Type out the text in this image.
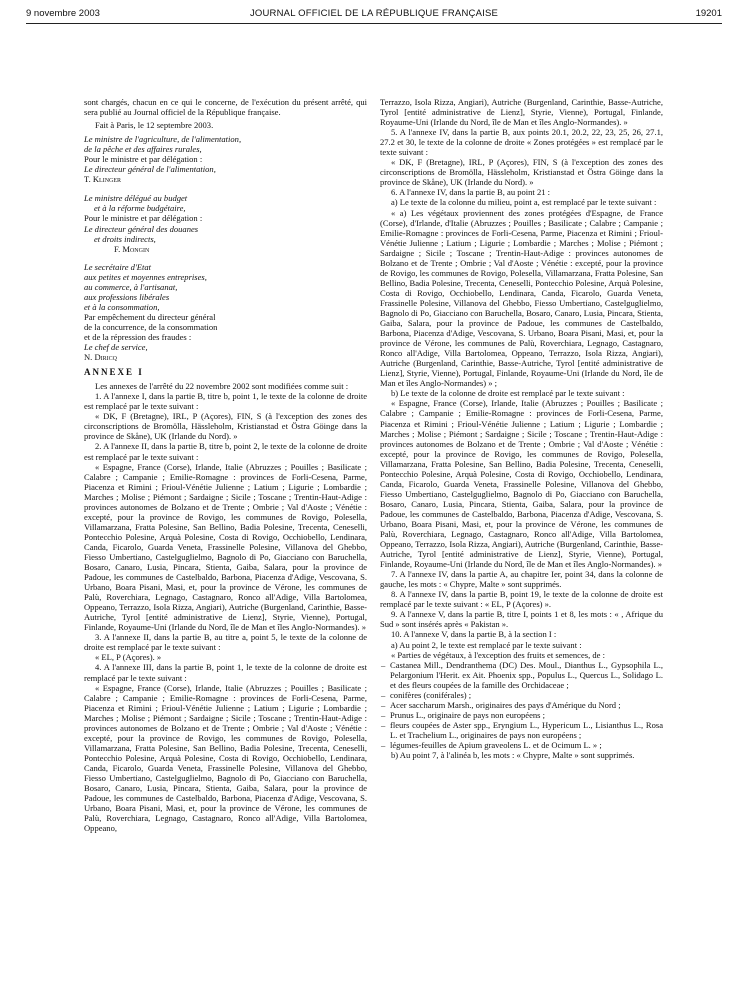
9 novembre 2003	JOURNAL OFFICIEL DE LA RÉPUBLIQUE FRANÇAISE	19201

sont chargés, chacun en ce qui le concerne, de l'exécution du présent arrêté, qui sera publié au Journal officiel de la République française.

Fait à Paris, le 12 septembre 2003.

Le ministre de l'agriculture, de l'alimentation,

de la pêche et des affaires rurales,

Pour le ministre et par délégation :

Le directeur général de l'alimentation,

T. Klinger

Le ministre délégué au budget

et à la réforme budgétaire,

Pour le ministre et par délégation :

Le directeur général des douanes

et droits indirects,

F. Mongin

Le secrétaire d'Etat

aux petites et moyennes entreprises,

au commerce, à l'artisanat,

aux professions libérales

et à la consommation,

Par empêchement du directeur général

de la concurrence, de la consommation

et de la répression des fraudes :

Le chef de service,

N. Diricq

ANNEXE I

Les annexes de l'arrêté du 22 novembre 2002 sont modifiées comme suit :

1. A l'annexe I, dans la partie B, titre b, point 1, le texte de la colonne de droite est remplacé par le texte suivant :

« DK, F (Bretagne), IRL, P (Açores), FIN, S (à l'exception des zones des circonscriptions de Bromölla, Hässleholm, Kristianstad et Östra Göinge dans la province de Skåne), UK (Irlande du Nord). »

2. A l'annexe II, dans la partie B, titre b, point 2, le texte de la colonne de droite est remplacé par le texte suivant :

« Espagne, France (Corse), Irlande, Italie (Abruzzes ; Pouilles ; Basilicate ; Calabre ; Campanie ; Emilie-Romagne : provinces de Forli-Cesena, Parme, Piacenza et Rimini ; Frioul-Vénétie Julienne ; Latium ; Ligurie ; Lombardie ; Marches ; Molise ; Piémont ; Sardaigne ; Sicile ; Toscane ; Trentin-Haut-Adige : provinces autonomes de Bolzano et de Trente ; Ombrie ; Val d'Aoste ; Vénétie : excepté, pour la province de Rovigo, les communes de Rovigo, Polesella, Villamarzana, Fratta Polesine, San Bellino, Badia Polesine, Trecenta, Ceneselli, Pontecchio Polesine, Arquà Polesine, Costa di Rovigo, Occhiobello, Lendinara, Canda, Ficarolo, Guarda Veneta, Frassinelle Polesine, Villanova del Ghebbo, Fiesso Umbertiano, Castelguglielmo, Bagnolo di Po, Giacciano con Baruchella, Bosaro, Canaro, Lusia, Pincara, Stienta, Gaiba, Salara, pour la province de Padoue, les communes de Castelbaldo, Barbona, Piacenza d'Adige, Vescovana, S. Urbano, Boara Pisani, Masi, et, pour la province de Vérone, les communes de Palù, Roverchiara, Legnago, Castagnaro, Ronco all'Adige, Villa Bartolomea, Oppeano, Terrazzo, Isola Rizza, Angiari), Autriche (Burgenland, Carinthie, Basse-Autriche, Tyrol [entité administrative de Lienz], Styrie, Vienne), Portugal, Finlande, Royaume-Uni (Irlande du Nord, île de Man et îles Anglo-Normandes). »

3. A l'annexe II, dans la partie B, au titre a, point 5, le texte de la colonne de droite est remplacé par le texte suivant :

« EL, P (Açores). »

4. A l'annexe III, dans la partie B, point 1, le texte de la colonne de droite est remplacé par le texte suivant :

« Espagne, France (Corse), Irlande, Italie (Abruzzes ; Pouilles ; Basilicate ; Calabre ; Campanie ; Emilie-Romagne : provinces de Forli-Cesena, Parme, Piacenza et Rimini ; Frioul-Vénétie Julienne ; Latium ; Ligurie ; Lombardie ; Marches ; Molise ; Piémont ; Sardaigne ; Sicile ; Toscane ; Trentin-Haut-Adige : provinces autonomes de Bolzano et de Trente ; Ombrie ; Val d'Aoste ; Vénétie : excepté, pour la province de Rovigo, les communes de Rovigo, Polesella, Villamarzana, Fratta Polesine, San Bellino, Badia Polesine, Trecenta, Ceneselli, Pontecchio Polesine, Arquà Polesine, Costa di Rovigo, Occhiobello, Lendinara, Canda, Ficarolo, Guarda Veneta, Frassinelle Polesine, Villanova del Ghebbo, Fiesso Umbertiano, Castelguglielmo, Bagnolo di Po, Giacciano con Baruchella, Bosaro, Canaro, Lusia, Pincara, Stienta, Gaiba, Salara, pour la province de Padoue, les communes de Castelbaldo, Barbona, Piacenza d'Adige, Vescovana, S. Urbano, Boara Pisani, Masi, et, pour la province de Vérone, les communes de Palù, Roverchiara, Legnago, Castagnaro, Ronco all'Adige, Villa Bartolomea, Oppeano,

Terrazzo, Isola Rizza, Angiari), Autriche (Burgenland, Carinthie, Basse-Autriche, Tyrol [entité administrative de Lienz], Styrie, Vienne), Portugal, Finlande, Royaume-Uni (Irlande du Nord, île de Man et îles Anglo-Normandes). »

5. A l'annexe IV, dans la partie B, aux points 20.1, 20.2, 22, 23, 25, 26, 27.1, 27.2 et 30, le texte de la colonne de droite « Zones protégées » est remplacé par le texte suivant :

« DK, F (Bretagne), IRL, P (Açores), FIN, S (à l'exception des zones des circonscriptions de Bromölla, Hässleholm, Kristianstad et Östra Göinge dans la province de Skåne), UK (Irlande du Nord). »

6. A l'annexe IV, dans la partie B, au point 21 :

a) Le texte de la colonne du milieu, point a, est remplacé par le texte suivant :

« a) Les végétaux proviennent des zones protégées d'Espagne, de France (Corse), d'Irlande, d'Italie (Abruzzes ; Pouilles ; Basilicate ; Calabre ; Campanie ; Emilie-Romagne : provinces de Forli-Cesena, Parme, Piacenza et Rimini ; Frioul-Vénétie Julienne ; Latium ; Ligurie ; Lombardie ; Marches ; Molise ; Piémont ; Sardaigne ; Sicile ; Toscane ; Trentin-Haut-Adige : provinces autonomes de Bolzano et de Trente ; Ombrie ; Val d'Aoste ; Vénétie : excepté, pour la province de Rovigo, les communes de Rovigo, Polesella, Villamarzana, Fratta Polesine, San Bellino, Badia Polesine, Trecenta, Ceneselli, Pontecchio Polesine, Arquà Polesine, Costa di Rovigo, Occhiobello, Lendinara, Canda, Ficarolo, Guarda Veneta, Frassinelle Polesine, Villanova del Ghebbo, Fiesso Umbertiano, Castelguglielmo, Bagnolo di Po, Giacciano con Baruchella, Bosaro, Canaro, Lusia, Pincara, Stienta, Gaiba, Salara, pour la province de Padoue, les communes de Castelbaldo, Barbona, Piacenza d'Adige, Vescovana, S. Urbano, Boara Pisani, Masi, et, pour la province de Vérone, les communes de Palù, Roverchiara, Legnago, Castagnaro, Ronco all'Adige, Villa Bartolomea, Oppeano, Terrazzo, Isola Rizza, Angiari), Autriche (Burgenland, Carinthie, Basse-Autriche, Tyrol [entité administrative de Lienz], Styrie, Vienne), Portugal, Finlande, Royaume-Uni (Irlande du Nord, île de Man et îles Anglo-Normandes) » ;

b) Le texte de la colonne de droite est remplacé par le texte suivant :

« Espagne, France (Corse), Irlande, Italie (Abruzzes ; Pouilles ; Basilicate ; Calabre ; Campanie ; Emilie-Romagne : provinces de Forli-Cesena, Parme, Piacenza et Rimini ; Frioul-Vénétie Julienne ; Latium ; Ligurie ; Lombardie ; Marches ; Molise ; Piémont ; Sardaigne ; Sicile ; Toscane ; Trentin-Haut-Adige : provinces autonomes de Bolzano et de Trente ; Ombrie ; Val d'Aoste ; Vénétie : excepté, pour la province de Rovigo, les communes de Rovigo, Polesella, Villamarzana, Fratta Polesine, San Bellino, Badia Polesine, Trecenta, Ceneselli, Pontecchio Polesine, Arquà Polesine, Costa di Rovigo, Occhiobello, Lendinara, Canda, Ficarolo, Guarda Veneta, Frassinelle Polesine, Villanova del Ghebbo, Fiesso Umbertiano, Castelguglielmo, Bagnolo di Po, Giacciano con Baruchella, Bosaro, Canaro, Lusia, Pincara, Stienta, Gaiba, Salara, pour la province de Padoue, les communes de Castelbaldo, Barbona, Piacenza d'Adige, Vescovana, S. Urbano, Boara Pisani, Masi, et, pour la province de Vérone, les communes de Palù, Roverchiara, Legnago, Castagnaro, Ronco all'Adige, Villa Bartolomea, Oppeano, Terrazzo, Isola Rizza, Angiari), Autriche (Burgenland, Carinthie, Basse-Autriche, Tyrol [entité administrative de Lienz], Styrie, Vienne), Portugal, Finlande, Royaume-Uni (Irlande du Nord, île de Man et îles Anglo-Normandes). »

7. A l'annexe IV, dans la partie A, au chapitre Ier, point 34, dans la colonne de gauche, les mots : « Chypre, Malte » sont supprimés.

8. A l'annexe IV, dans la partie B, point 19, le texte de la colonne de droite est remplacé par le texte suivant : « EL, P (Açores) ».

9. A l'annexe V, dans la partie B, titre I, points 1 et 8, les mots : « , Afrique du Sud » sont insérés après « Pakistan ».

10. A l'annexe V, dans la partie B, à la section I :

a) Au point 2, le texte est remplacé par le texte suivant :

« Parties de végétaux, à l'exception des fruits et semences, de :

– Castanea Mill., Dendranthema (DC) Des. Moul., Dianthus L., Gypsophila L., Pelargonium l'Herit. ex Ait. Phoenix spp., Populus L., Quercus L., Solidago L. et des fleurs coupées de la famille des Orchidaceae ;
– conifères (coniférales) ;
– Acer saccharum Marsh., originaires des pays d'Amérique du Nord ;
– Prunus L., originaire de pays non européens ;
– fleurs coupées de Aster spp., Eryngium L., Hypericum L., Lisianthus L., Rosa L. et Trachelium L., originaires de pays non européens ;
– légumes-feuilles de Apium graveolens L. et de Ocimum L. » ;

b) Au point 7, à l'alinéa b, les mots : « Chypre, Malte » sont supprimés.
